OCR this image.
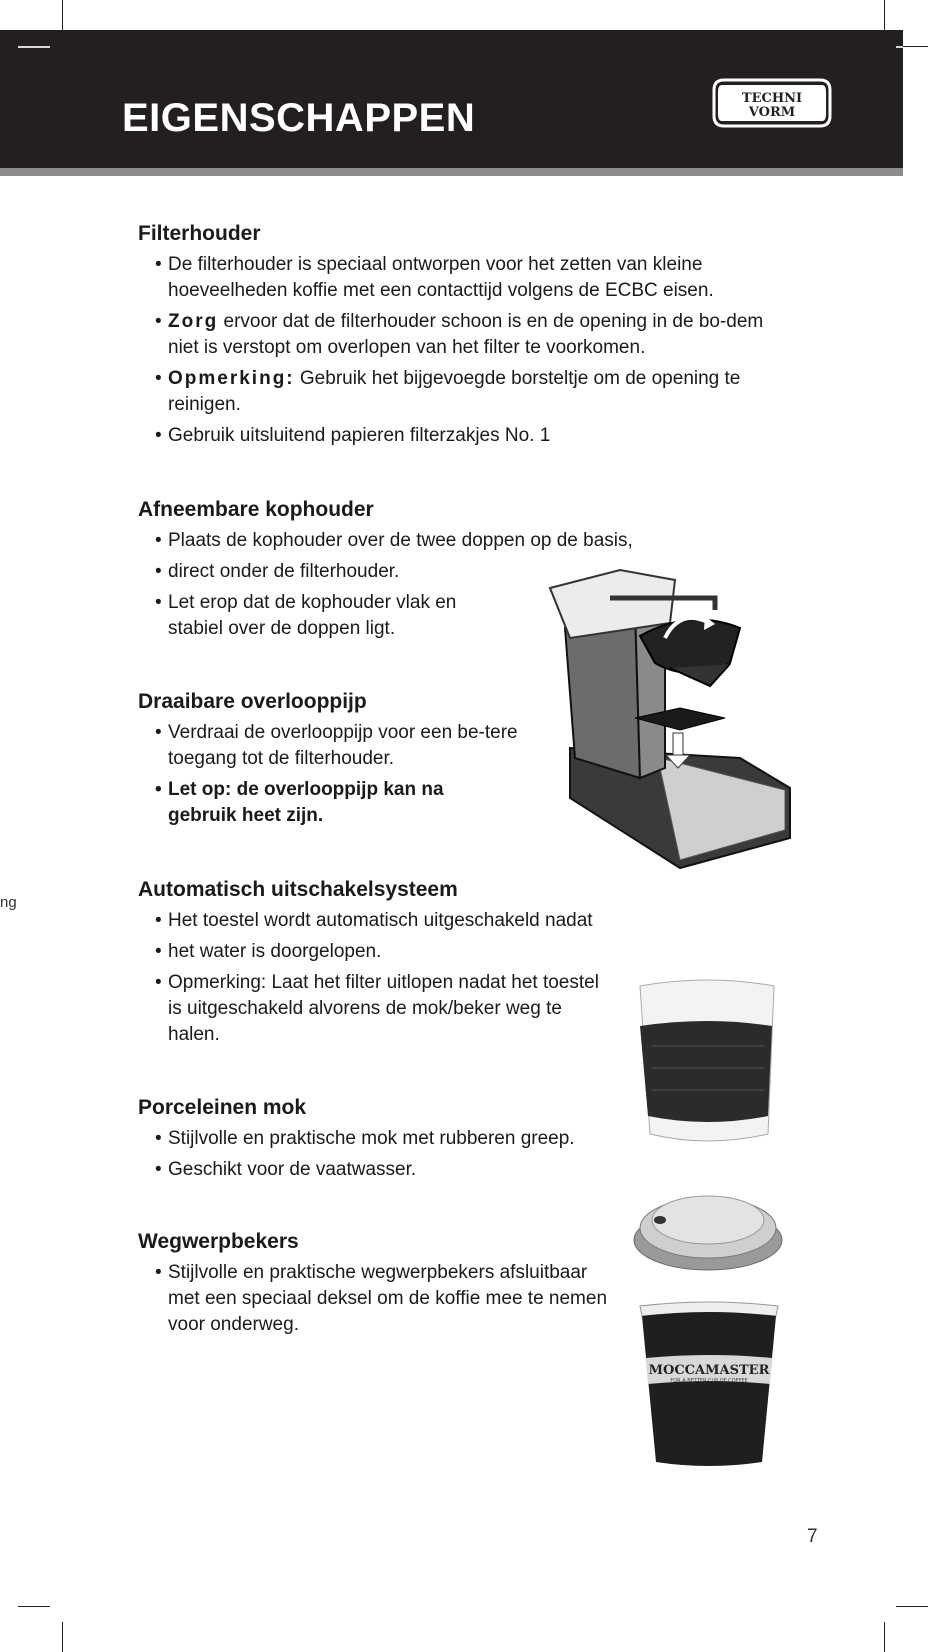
EIGENSCHAPPEN	TECHNI
VORM
Filterhouder
• De filterhouder is speciaal ontworpen voor het zetten van kleine hoeveelheden koffie met een contacttijd volgens de ECBC eisen.
• Zorg ervoor dat de filterhouder schoon is en de opening in de bo-dem niet is verstopt om overlopen van het filter te voorkomen.
• Opmerking: Gebruik het bijgevoegde borsteltje om de opening te reinigen.
• Gebruik uitsluitend papieren filterzakjes No. 1
Afneembare kophouder
• Plaats de kophouder over de twee doppen op de basis,
• direct onder de filterhouder.
• Let erop dat de kophouder vlak en stabiel over de doppen ligt.
Draaibare overlooppijp
• Verdraai de overlooppijp voor een be-tere toegang tot de filterhouder.
• Let op: de overlooppijp kan na gebruik heet zijn.
Automatisch uitschakelsysteem
• Het toestel wordt automatisch uitgeschakeld nadat
• het water is doorgelopen.
• Opmerking: Laat het filter uitlopen nadat het toestel is uitgeschakeld alvorens de mok/beker weg te halen.
Porceleinen mok
• Stijlvolle en praktische mok met rubberen greep.
• Geschikt voor de vaatwasser.
Wegwerpbekers
• Stijlvolle en praktische wegwerpbekers afsluitbaar met een speciaal deksel om de koffie mee te nemen voor onderweg.
MOCCAMASTER
FOR A BETTER CUP OF COFFEE
ng
7
